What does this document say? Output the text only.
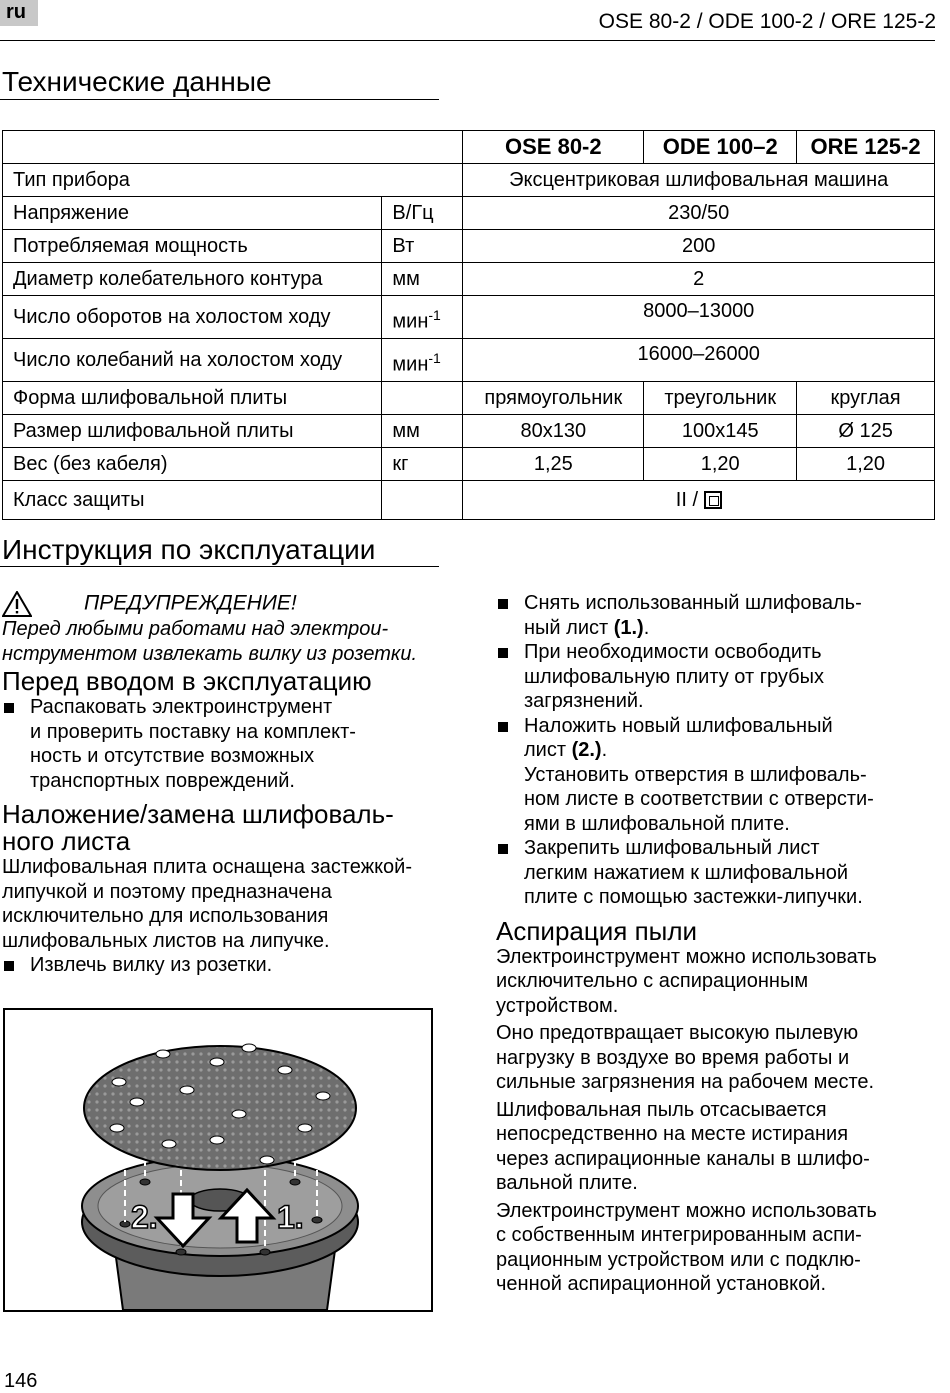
ru	OSE 80-2 / ODE 100-2 / ORE 125-2
Технические данные
		OSE 80-2	ODE 100–2	ORE 125-2
Тип прибора		Эксцентриковая шлифовальная машина		
Напряжение	В/Гц	230/50		
Потребляемая мощность	Вт	200		
Диаметр колебательного контура	мм	2		
Число оборотов на холостом ходу	мин$^{-1}$	8000–13000		
Число колебаний на холостом ходу	мин$^{-1}$	16000–26000		
Форма шлифовальной плиты		прямоугольник	треугольник	круглая
Размер шлифовальной плиты	мм	80x130	100x145	Ø 125
Вес (без кабеля)	кг	1,25	1,20	1,20
Класс защиты		II /		
Инструкция по эксплуатации
ПРЕДУПРЕЖДЕНИЕ!
Перед любыми работами над электрои-
нструментом извлекать вилку из розетки.
Перед вводом в эксплуатацию
Распаковать электроинструмент
и проверить поставку на комплект-
ность и отсутствие возможных
транспортных повреждений.
Наложение/замена шлифоваль-
ного листа
Шлифовальная плита оснащена застежкой-
липучкой и поэтому предназначена
исключительно для использования
шлифовальных листов на липучке.
Извлечь вилку из розетки.
2.	1.
Снять использованный шлифоваль-
ный лист (1.).
При необходимости освободить
шлифовальную плиту от грубых
загрязнений.
Наложить новый шлифовальный
лист (2.).
Установить отверстия в шлифоваль-
ном листе в соответствии с отверсти-
ями в шлифовальной плите.
Закрепить шлифовальный лист
легким нажатием к шлифовальной
плите с помощью застежки-липучки.
Аспирация пыли
Электроинструмент можно использовать
исключительно с аспирационным
устройством.
Оно предотвращает высокую пылевую
нагрузку в воздухе во время работы и
сильные загрязнения на рабочем месте.
Шлифовальная пыль отсасывается
непосредственно на месте истирания
через аспирационные каналы в шлифо-
вальной плите.
Электроинструмент можно использовать
с собственным интегрированным аспи-
рационным устройством или с подклю-
ченной аспирационной установкой.
146
